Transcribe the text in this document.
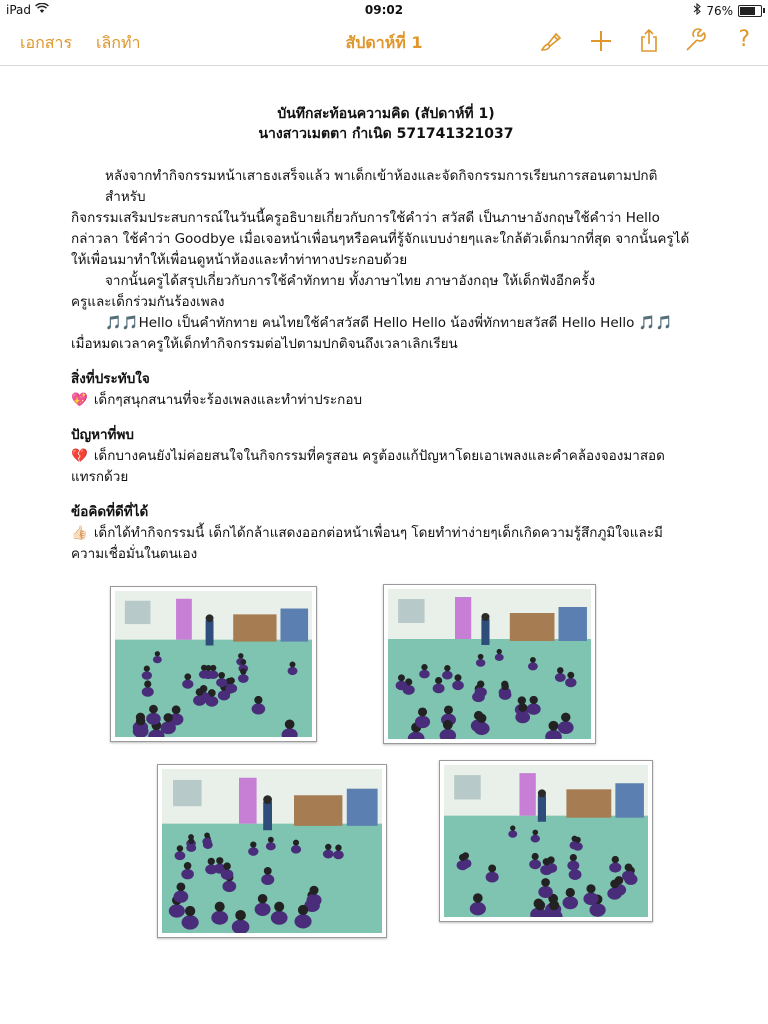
iPad	09:02	76%
เอกสาร เลิกทำ	สัปดาห์ที่ 1	?
บันทึกสะท้อนความคิด (สัปดาห์ที่ 1)
นางสาวเมตตา กำเนิด 571741321037

หลังจากทำกิจกรรมหน้าเสาธงเสร็จแล้ว พาเด็กเข้าห้องและจัดกิจกรรมการเรียนการสอนตามปกติ สำหรับ

กิจกรรมเสริมประสบการณ์ในวันนี้ครูอธิบายเกี่ยวกับการใช้คำว่า สวัสดี เป็นภาษาอังกฤษใช้คำว่า Hello

กล่าวลา ใช้คำว่า Goodbye เมื่อเจอหน้าเพื่อนๆหรือคนที่รู้จักแบบง่ายๆและใกล้ตัวเด็กมากที่สุด จากนั้นครูได้

ให้เพื่อนมาทำให้เพื่อนดูหน้าห้องและทำท่าทางประกอบด้วย

จากนั้นครูได้สรุปเกี่ยวกับการใช้คำทักทาย ทั้งภาษาไทย ภาษาอังกฤษ ให้เด็กฟังอีกครั้ง

ครูและเด็กร่วมกันร้องเพลง

🎵🎵Hello เป็นคำทักทาย คนไทยใช้คำสวัสดี Hello Hello น้องพี่ทักทายสวัสดี Hello Hello 🎵🎵

เมื่อหมดเวลาครูให้เด็กทำกิจกรรมต่อไปตามปกติจนถึงเวลาเลิกเรียน

สิ่งที่ประทับใจ

💖 เด็กๆสนุกสนานที่จะร้องเพลงและทำท่าประกอบ

ปัญหาที่พบ

💔 เด็กบางคนยังไม่ค่อยสนใจในกิจกรรมที่ครูสอน ครูต้องแก้ปัญหาโดยเอาเพลงและคำคล้องจองมาสอด

แทรกด้วย

ข้อคิดที่ดีที่ได้

👍🏻 เด็กได้ทำกิจกรรมนี้ เด็กได้กล้าแสดงออกต่อหน้าเพื่อนๆ โดยทำท่าง่ายๆเด็กเกิดความรู้สึกภูมิใจและมี

ความเชื่อมั่นในตนเอง
